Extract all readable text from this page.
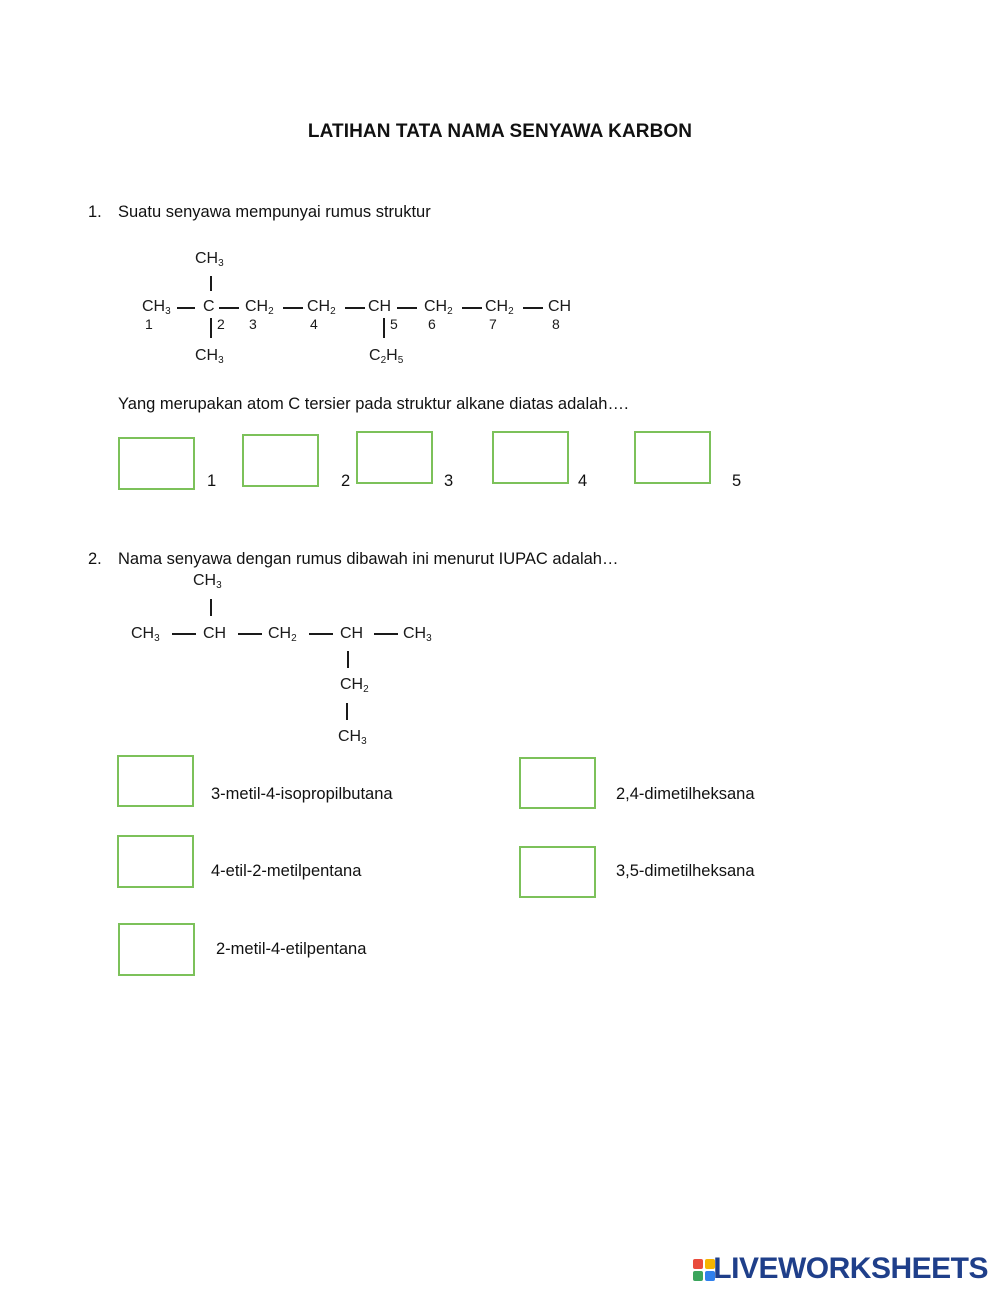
LATIHAN TATA NAMA SENYAWA KARBON
1. Suatu senyawa mempunyai rumus struktur
$CH_3$
$CH_3$ C $CH_2$ $CH_2$ CH $CH_2$ $CH_2$ CH
1	2 3	4	5 6	7	8
$CH_3$	$C_2H_5$
Yang merupakan atom C tersier pada struktur alkane diatas adalah….
1	2	3	4	5
2. Nama senyawa dengan rumus dibawah ini menurut IUPAC adalah…
$CH_3$
$CH_3$	CH	$CH_2$	CH $CH_3$
$CH_2$
$CH_3$
3-metil-4-isopropilbutana	2,4-dimetilheksana
4-etil-2-metilpentana	3,5-dimetilheksana
2-metil-4-etilpentana
LIVEWORKSHEETS
